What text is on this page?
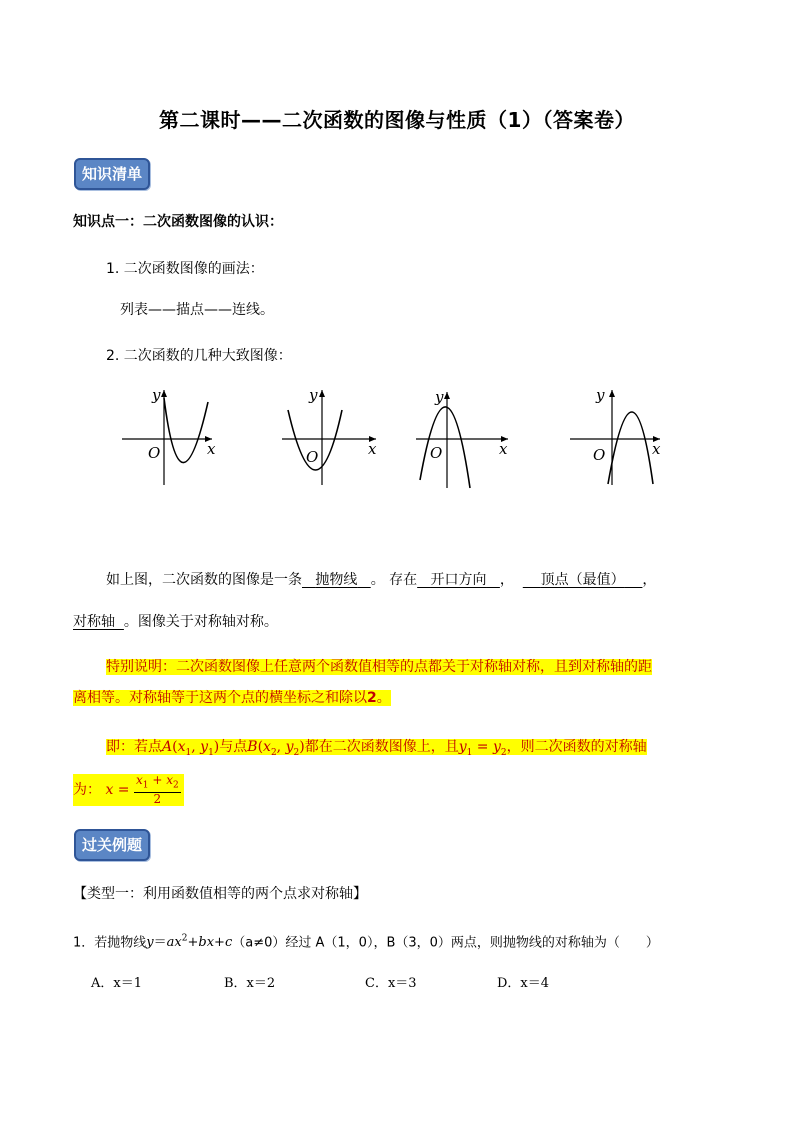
第二课时——二次函数的图像与性质（1）（答案卷）
知识清单
知识点一：二次函数图像的认识：
1. 二次函数图像的画法：
列表——描点——连线。
2. 二次函数的几种大致图像：
y
x
O
y
x
O
y
x
O
y
x
O
如上图，二次函数的图像是一条 抛物线 。 存在 开口方向 ， 顶点（最值） ，
对称轴 。图像关于对称轴对称。
特别说明：二次函数图像上任意两个函数值相等的点都关于对称轴对称，且到对称轴的距
离相等。对称轴等于这两个点的横坐标之和除以2。
即：若点$A(x_1$, $y_1$)与点$B(x_2$, $y_2$)都在二次函数图像上，且$y_1 = y_2$，则二次函数的对称轴
为： $x = \frac{x_1 + x_2}{2}$
过关例题
【类型一：利用函数值相等的两个点求对称轴】
1．若抛物线$y=ax^2+bx+c(a\ne 0)$经过 A（1，0），B（3，0）两点，则抛物线的对称轴为（　　）
A．x＝1	B．x＝2	C．x＝3	D．x＝4
